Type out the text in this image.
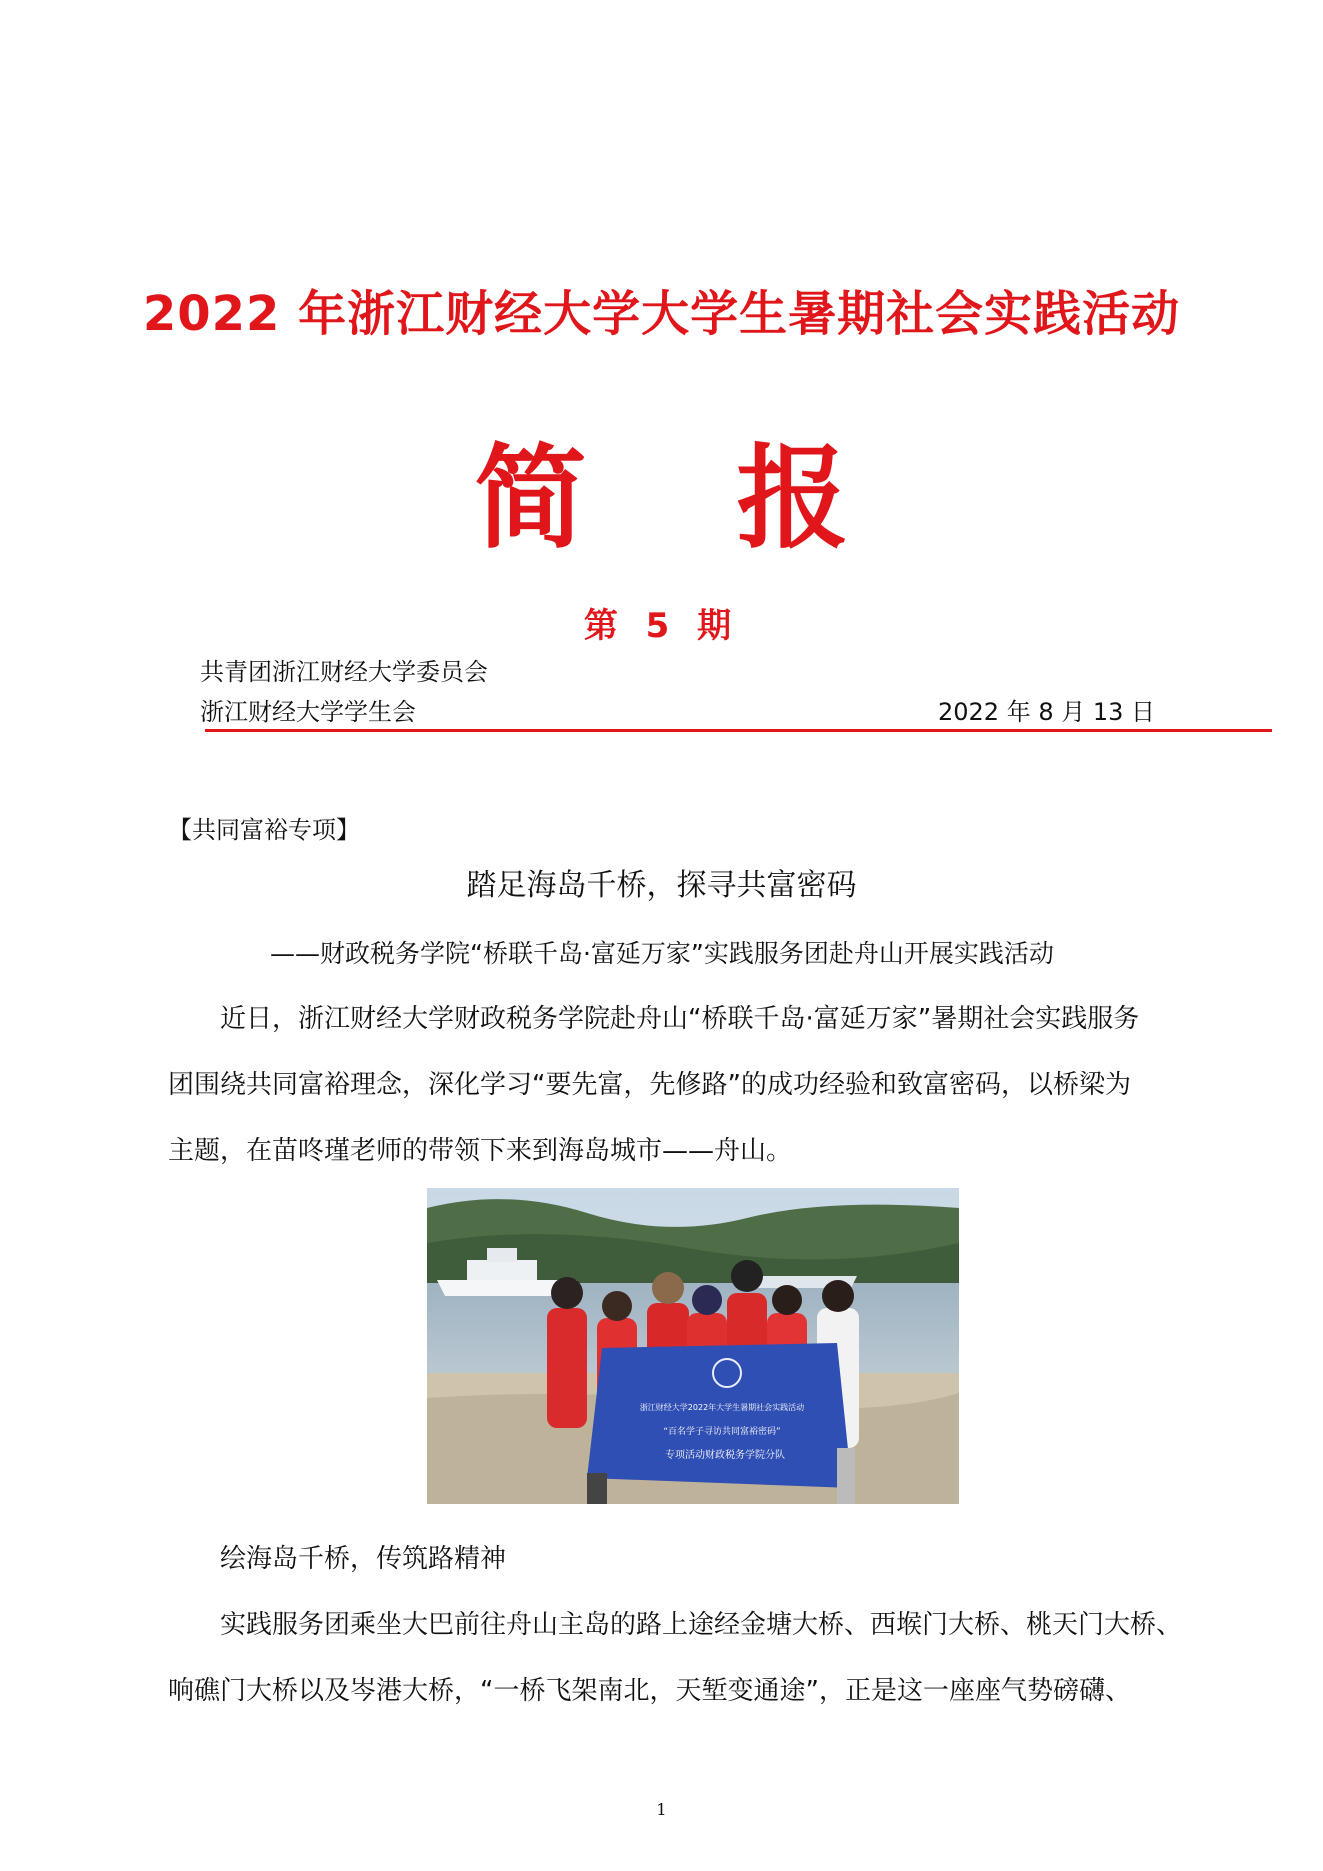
2022 年浙江财经大学大学生暑期社会实践活动
简报
第 5 期
共青团浙江财经大学委员会
浙江财经大学学生会	2022 年 8 月 13 日
【共同富裕专项】
踏足海岛千桥，探寻共富密码
——财政税务学院“桥联千岛·富延万家”实践服务团赴舟山开展实践活动
近日，浙江财经大学财政税务学院赴舟山“桥联千岛·富延万家”暑期社会实践服务
团围绕共同富裕理念，深化学习“要先富，先修路”的成功经验和致富密码，以桥梁为
主题，在苗咚瑾老师的带领下来到海岛城市——舟山。
浙江财经大学2022年大学生暑期社会实践活动
“百名学子寻访共同富裕密码”
专项活动财政税务学院分队
绘海岛千桥，传筑路精神
实践服务团乘坐大巴前往舟山主岛的路上途经金塘大桥、西堠门大桥、桃天门大桥、
响礁门大桥以及岑港大桥，“一桥飞架南北，天堑变通途”，正是这一座座气势磅礴、
1
